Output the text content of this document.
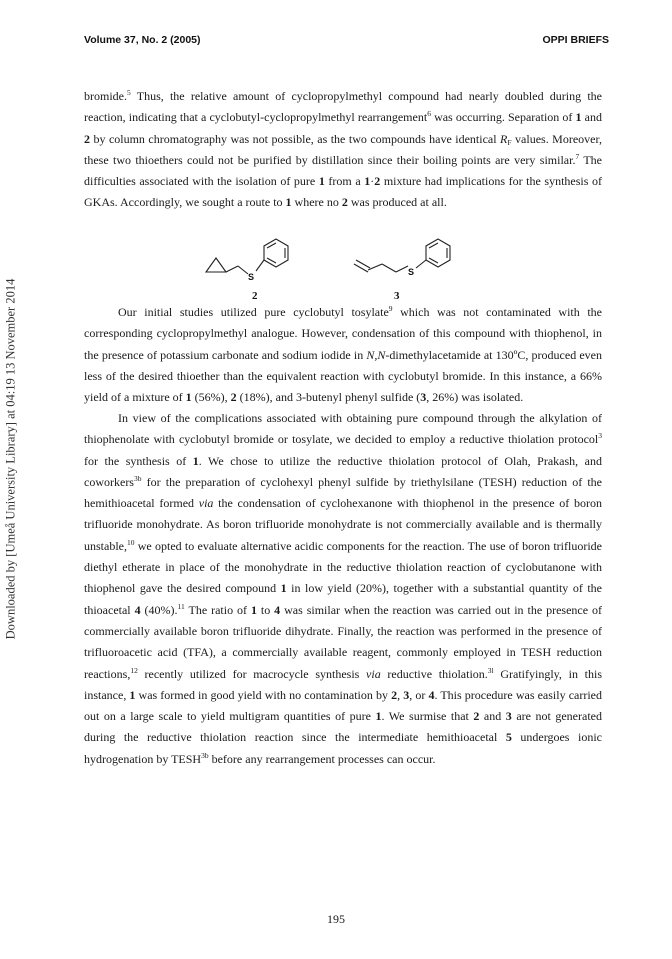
Volume 37, No. 2 (2005)	OPPI BRIEFS
Downloaded by [Umeå University Library] at 04:19 13 November 2014

bromide.$^5$ Thus, the relative amount of cyclopropylmethyl compound had nearly doubled during the reaction, indicating that a cyclobutyl-cyclopropylmethyl rearrangement$^6$ was occurring. Separation of 1 and 2 by column chromatography was not possible, as the two compounds have identical $R_F$ values. Moreover, these two thioethers could not be purified by distillation since their boiling points are very similar.$^7$ The difficulties associated with the isolation of pure 1 from a 1·2 mixture had implications for the synthesis of GKAs. Accordingly, we sought a route to 1 where no 2 was produced at all.

S
2
S
3

Our initial studies utilized pure cyclobutyl tosylate$^9$ which was not contaminated with the corresponding cyclopropylmethyl analogue. However, condensation of this compound with thiophenol, in the presence of potassium carbonate and sodium iodide in N,N-dimethylacetamide at 130ºC, produced even less of the desired thioether than the equivalent reaction with cyclobutyl bromide. In this instance, a 66% yield of a mixture of 1 (56%), 2 (18%), and 3-butenyl phenyl sulfide (3, 26%) was isolated.

In view of the complications associated with obtaining pure compound through the alkylation of thiophenolate with cyclobutyl bromide or tosylate, we decided to employ a reductive thiolation protocol$^3$ for the synthesis of 1. We chose to utilize the reductive thiolation protocol of Olah, Prakash, and coworkers$^{3b}$ for the preparation of cyclohexyl phenyl sulfide by triethylsilane (TESH) reduction of the hemithioacetal formed via the condensation of cyclohexanone with thiophenol in the presence of boron trifluoride monohydrate. As boron trifluoride monohydrate is not commercially available and is thermally unstable,$^{10}$ we opted to evaluate alternative acidic components for the reaction. The use of boron trifluoride diethyl etherate in place of the monohydrate in the reductive thiolation reaction of cyclobutanone with thiophenol gave the desired compound 1 in low yield (20%), together with a substantial quantity of the thioacetal 4 (40%).$^{11}$ The ratio of 1 to 4 was similar when the reaction was carried out in the presence of commercially available boron trifluoride dihydrate. Finally, the reaction was performed in the presence of trifluoroacetic acid (TFA), a commercially available reagent, commonly employed in TESH reduction reactions,$^{12}$ recently utilized for macrocycle synthesis via reductive thiolation.$^{3l}$ Gratifyingly, in this instance, 1 was formed in good yield with no contamination by 2, 3, or 4. This procedure was easily carried out on a large scale to yield multigram quantities of pure 1. We surmise that 2 and 3 are not generated during the reductive thiolation reaction since the intermediate hemithioacetal 5 undergoes ionic hydrogenation by $TESH^{3b}$ before any rearrangement processes can occur.

195
